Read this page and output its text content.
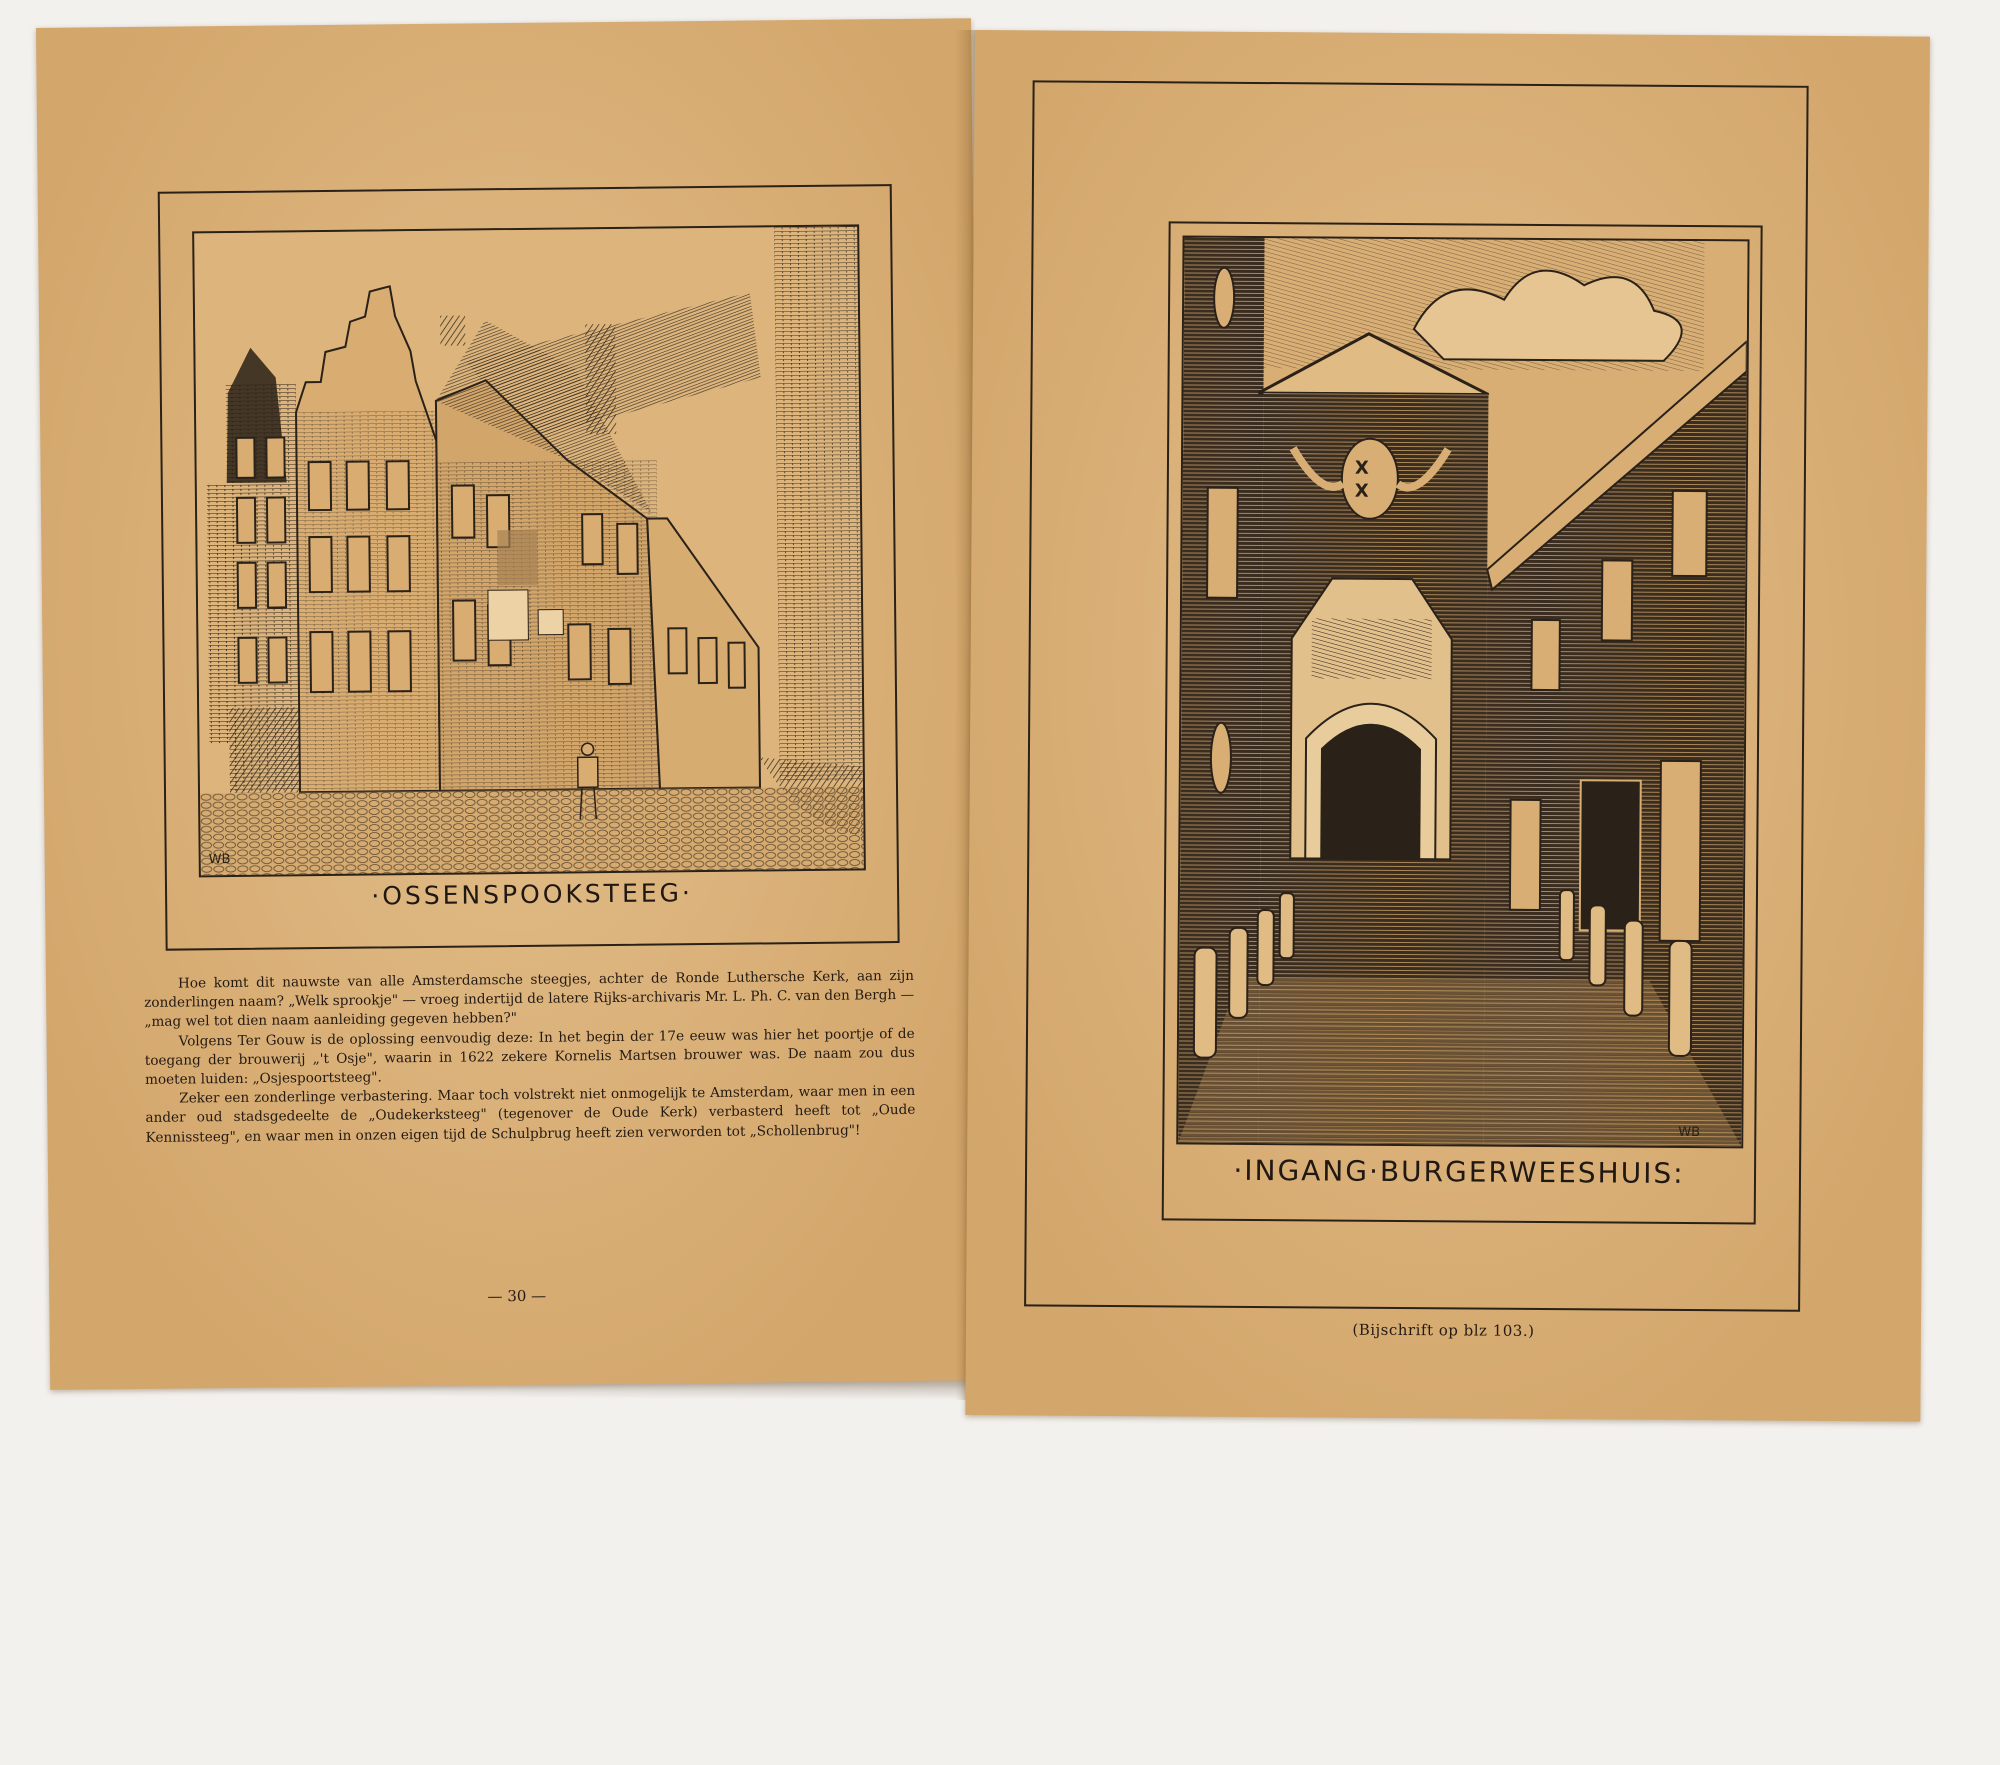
WB
·OSSENSPOOKSTEEG·

Hoe komt dit nauwste van alle Amsterdamsche steegjes, achter de Ronde Luthersche Kerk, aan zijn zonderlingen naam? „Welk sprookje" — vroeg indertijd de latere Rijks-archivaris Mr. L. Ph. C. van den Bergh — „mag wel tot dien naam aanleiding gegeven hebben?"

Volgens Ter Gouw is de oplossing eenvoudig deze: In het begin der 17e eeuw was hier het poortje of de toegang der brouwerij „'t Osje", waarin in 1622 zekere Kornelis Martsen brouwer was. De naam zou dus moeten luiden: „Osjespoortsteeg".

Zeker een zonderlinge verbastering. Maar toch volstrekt niet onmogelijk te Amsterdam, waar men in een ander oud stadsgedeelte de „Oudekerksteeg" (tegenover de Oude Kerk) verbasterd heeft tot „Oude Kennissteeg", en waar men in onzen eigen tijd de Schulpbrug heeft zien verworden tot „Schollenbrug"!

— 30 —
X
X
WB
·INGANG·BURGERWEESHUIS:
(Bijschrift op blz 103.)
